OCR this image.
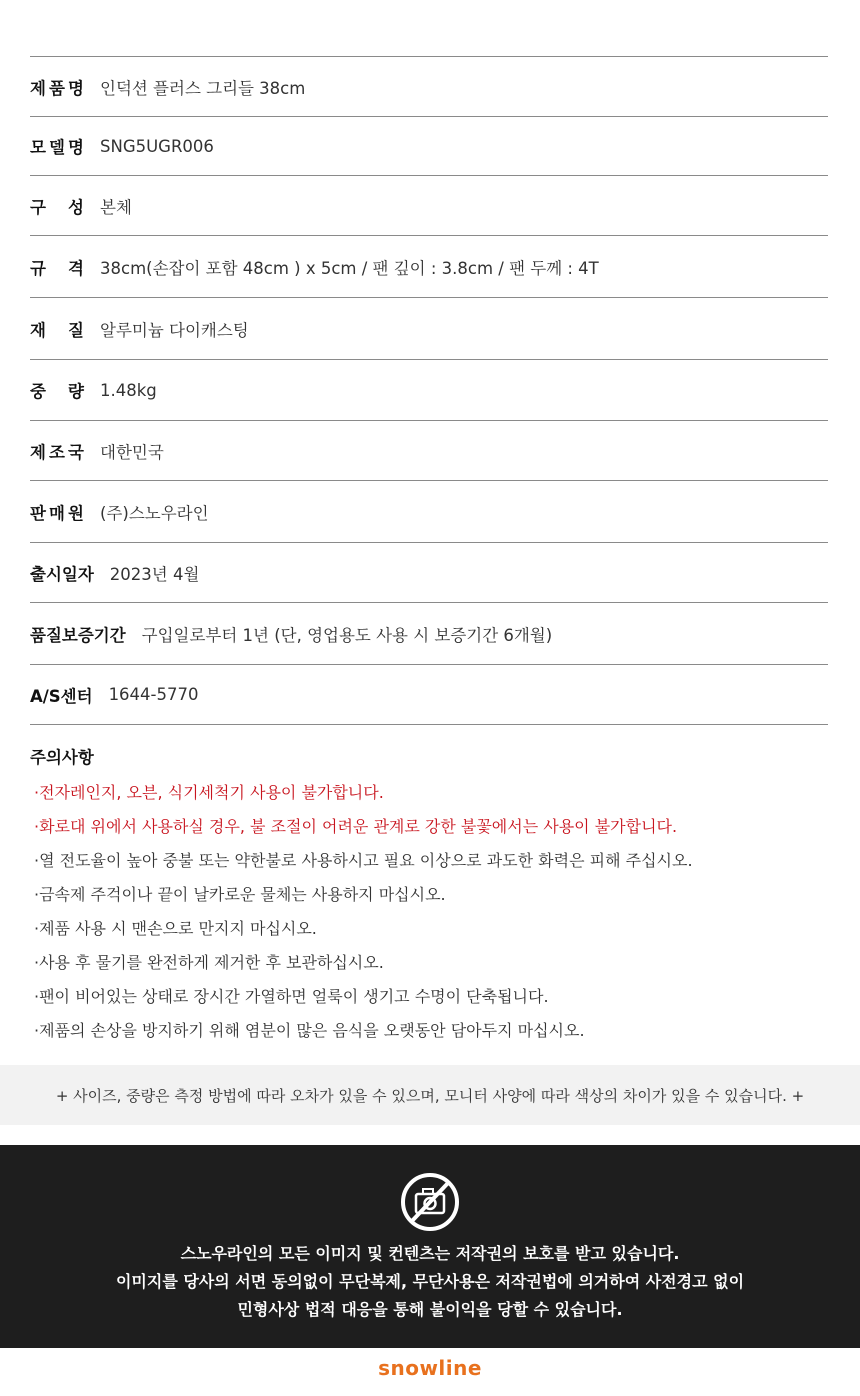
제 품 명 인덕션 플러스 그리들 38cm
모 델 명 SNG5UGR006
구 성 본체
규 격 38cm(손잡이 포함 48cm ) x 5cm / 팬 깊이 : 3.8cm / 팬 두께 : 4T
재 질 알루미늄 다이캐스팅
중 량 1.48kg
제 조 국 대한민국
판 매 원 (주)스노우라인
출시일자 2023년 4월
품질보증기간 구입일로부터 1년 (단, 영업용도 사용 시 보증기간 6개월)
A/S센터 1644-5770
주의사항
·전자레인지, 오븐, 식기세척기 사용이 불가합니다.
·화로대 위에서 사용하실 경우, 불 조절이 어려운 관계로 강한 불꽃에서는 사용이 불가합니다.
·열 전도율이 높아 중불 또는 약한불로 사용하시고 필요 이상으로 과도한 화력은 피해 주십시오.
·금속제 주걱이나 끝이 날카로운 물체는 사용하지 마십시오.
·제품 사용 시 맨손으로 만지지 마십시오.
·사용 후 물기를 완전하게 제거한 후 보관하십시오.
·팬이 비어있는 상태로 장시간 가열하면 얼룩이 생기고 수명이 단축됩니다.
·제품의 손상을 방지하기 위해 염분이 많은 음식을 오랫동안 담아두지 마십시오.
+ 사이즈, 중량은 측정 방법에 따라 오차가 있을 수 있으며, 모니터 사양에 따라 색상의 차이가 있을 수 있습니다. +
스노우라인의 모든 이미지 및 컨텐츠는 저작권의 보호를 받고 있습니다.
이미지를 당사의 서면 동의없이 무단복제, 무단사용은 저작권법에 의거하여 사전경고 없이
민형사상 법적 대응을 통해 불이익을 당할 수 있습니다.
snowline
